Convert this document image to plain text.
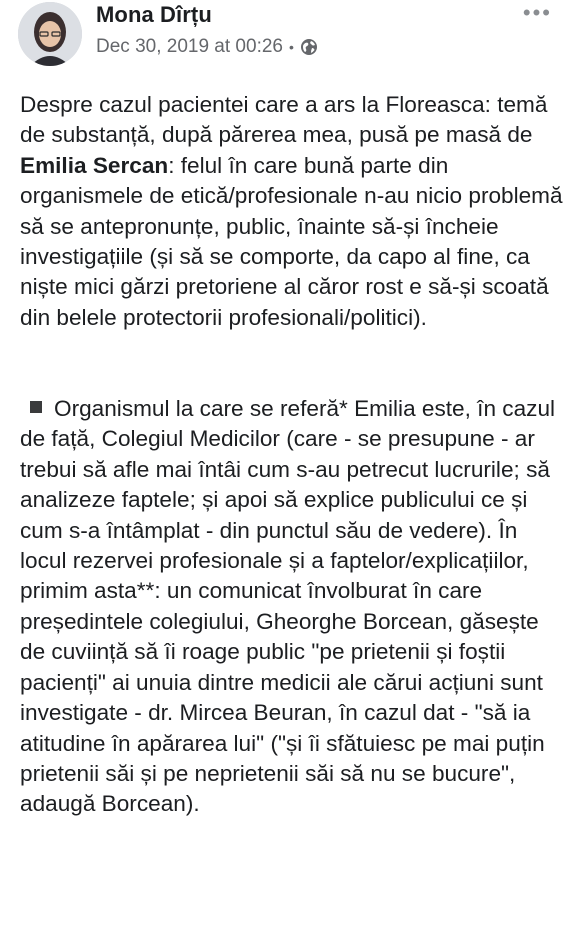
Mona Dîrțu
Dec 30, 2019 at 00:26 •
•••

Despre cazul pacientei care a ars la Floreasca: temă de substanță, după părerea mea, pusă pe masă de Emilia Sercan: felul în care bună parte din organismele de etică/profesionale n-au nicio problemă să se antepronunțe, public, înainte să-și încheie investigațiile (și să se comporte, da capo al fine, ca niște mici gărzi pretoriene al căror rost e să-și scoată din belele protectorii profesionali/politici).

Organismul la care se referă* Emilia este, în cazul de față, Colegiul Medicilor (care - se presupune - ar trebui să afle mai întâi cum s-au petrecut lucrurile; să analizeze faptele; și apoi să explice publicului ce și cum s-a întâmplat - din punctul său de vedere). În locul rezervei profesionale și a faptelor/explicațiilor, primim asta**: un comunicat învolburat în care președintele colegiului, Gheorghe Borcean, găsește de cuviință să îi roage public "pe prietenii și foștii pacienți" ai unuia dintre medicii ale cărui acțiuni sunt investigate - dr. Mircea Beuran, în cazul dat - "să ia atitudine în apărarea lui" ("și îi sfătuiesc pe mai puțin prietenii săi și pe neprietenii săi să nu se bucure", adaugă Borcean).
